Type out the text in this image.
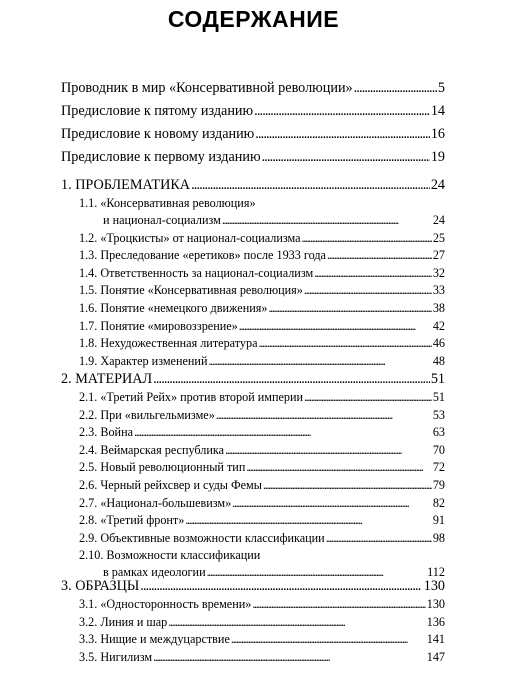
СОДЕРЖАНИЕ
Проводник в мир «Консервативной революции» . . .	5
Предисловие к пятому изданию . . .	14
Предисловие к новому изданию . . .	16
Предисловие к первому изданию . . .	19
1. ПРОБЛЕМАТИКА . . .	24
1.1. «Консервативная революция»
и национал-социализм . . .	24
1.2. «Троцкисты» от национал-социализма . . .	25
1.3. Преследование «еретиков» после 1933 года . . .	27
1.4. Ответственность за национал-социализм . . .	32
1.5. Понятие «Консервативная революция» . . .	33
1.6. Понятие «немецкого движения» . . .	38
1.7. Понятие «мировоззрение» . . .	42
1.8. Нехудожественная литература . . .	46
1.9. Характер изменений . . .	48
2. МАТЕРИАЛ . . .	51
2.1. «Третий Рейх» против второй империи . . .	51
2.2. При «вильгельмизме» . . .	53
2.3. Война . . .	63
2.4. Веймарская республика . . .	70
2.5. Новый революционный тип . . .	72
2.6. Черный рейхсвер и суды Фемы . . .	79
2.7. «Национал-большевизм» . . .	82
2.8. «Третий фронт» . . .	91
2.9. Объективные возможности классификации . . .	98
2.10. Возможности классификации
в рамках идеологии . . .	112
3. ОБРАЗЦЫ . . .	130
3.1. «Односторонность времени» . . .	130
3.2. Линия и шар . . .	136
3.3. Нищие и междуцарствие . . .	141
3.5. Нигилизм . . .	147
